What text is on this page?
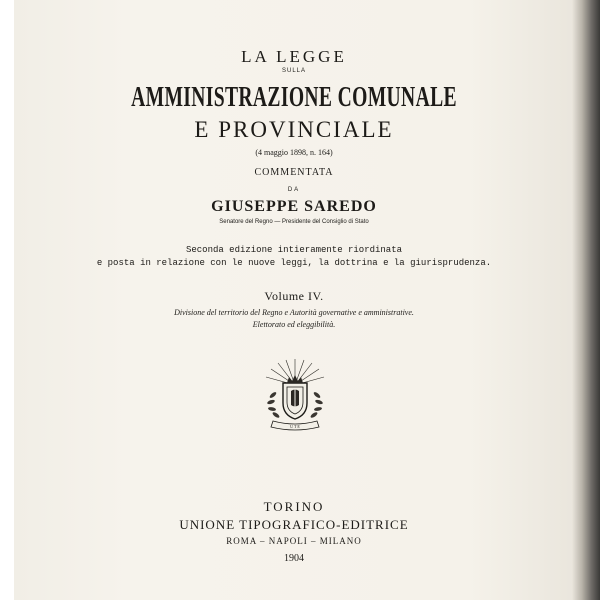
LA LEGGE
SULLA
AMMINISTRAZIONE COMUNALE
E PROVINCIALE
(4 maggio 1898, n. 164)
COMMENTATA
DA
GIUSEPPE SAREDO
Senatore del Regno — Presidente del Consiglio di Stato
Seconda edizione intieramente riordinata
e posta in relazione con le nuove leggi, la dottrina e la giurisprudenza.
Volume IV.
Divisione del territorio del Regno e Autorità governative e amministrative.
Elettorato ed eleggibilità.
U T E
TORINO
UNIONE TIPOGRAFICO-EDITRICE
ROMA – NAPOLI – MILANO
1904
